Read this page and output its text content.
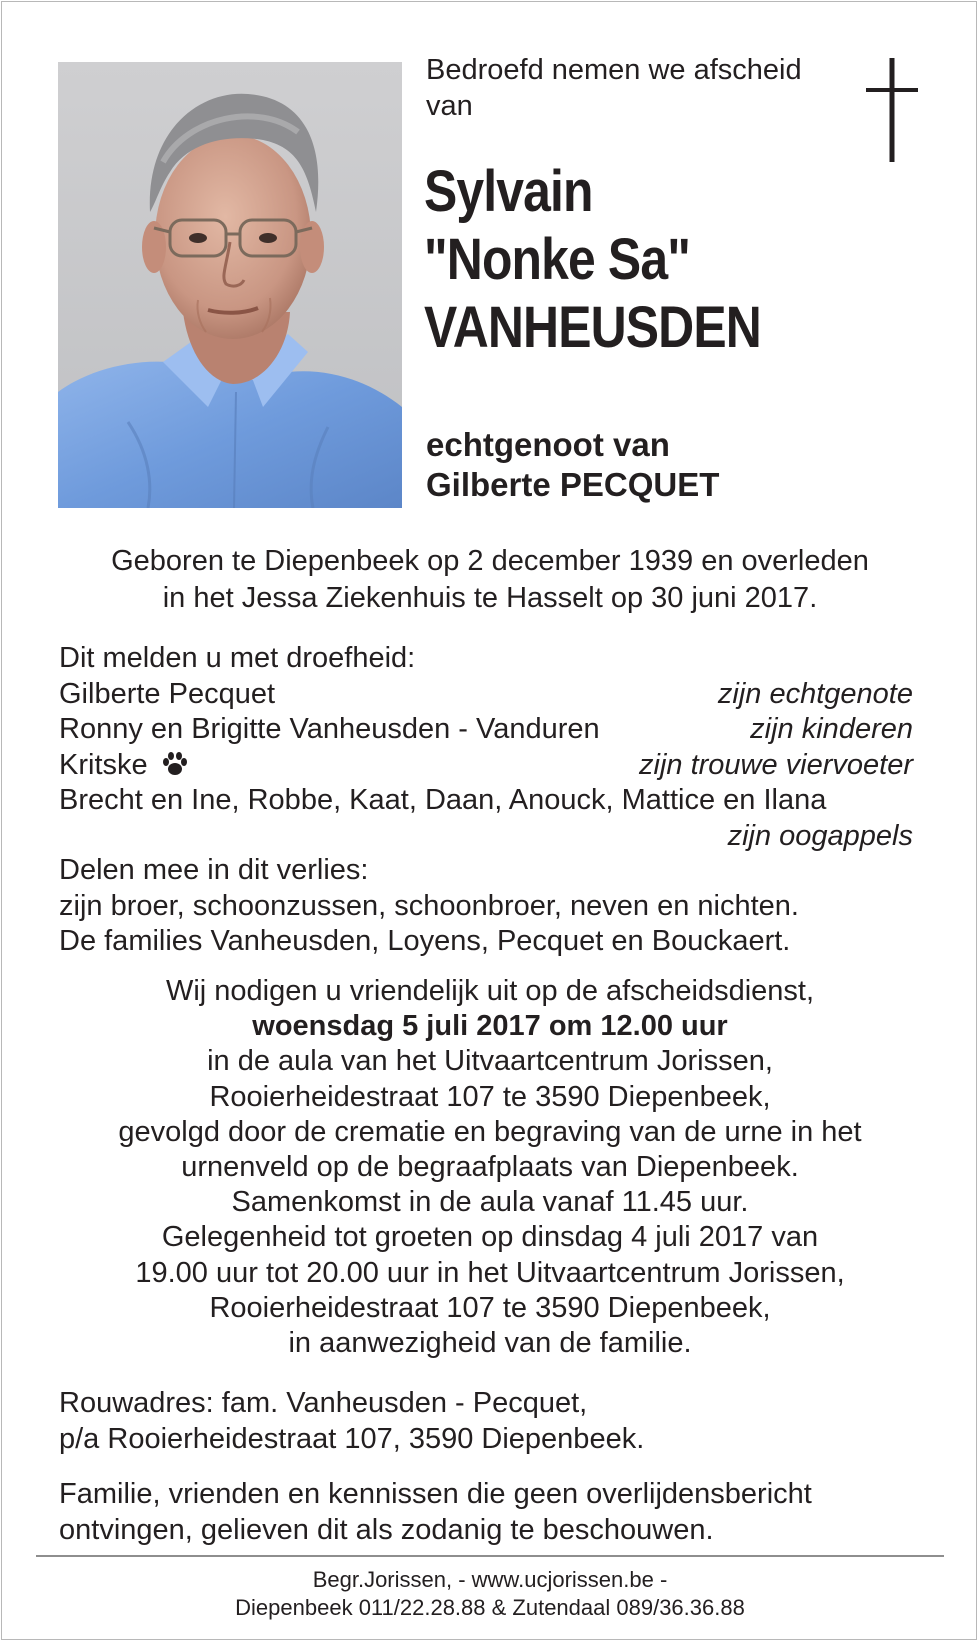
Bedroefd nemen we afscheid
van
Sylvain
"Nonke Sa"
VANHEUSDEN
echtgenoot van
Gilberte PECQUET
Geboren te Diepenbeek op 2 december 1939 en overleden
in het Jessa Ziekenhuis te Hasselt op 30 juni 2017.
Dit melden u met droefheid:
Gilberte Pecquet	zijn echtgenote
Ronny en Brigitte Vanheusden - Vanduren	zijn kinderen
Kritske	zijn trouwe viervoeter
Brecht en Ine, Robbe, Kaat, Daan, Anouck, Mattice en Ilana
zijn oogappels
Delen mee in dit verlies:
zijn broer, schoonzussen, schoonbroer, neven en nichten.
De families Vanheusden, Loyens, Pecquet en Bouckaert.
Wij nodigen u vriendelijk uit op de afscheidsdienst,
woensdag 5 juli 2017 om 12.00 uur
in de aula van het Uitvaartcentrum Jorissen,
Rooierheidestraat 107 te 3590 Diepenbeek,
gevolgd door de crematie en begraving van de urne in het
urnenveld op de begraafplaats van Diepenbeek.
Samenkomst in de aula vanaf 11.45 uur.
Gelegenheid tot groeten op dinsdag 4 juli 2017 van
19.00 uur tot 20.00 uur in het Uitvaartcentrum Jorissen,
Rooierheidestraat 107 te 3590 Diepenbeek,
in aanwezigheid van de familie.
Rouwadres: fam. Vanheusden - Pecquet,
p/a Rooierheidestraat 107, 3590 Diepenbeek.
Familie, vrienden en kennissen die geen overlijdensbericht
ontvingen, gelieven dit als zodanig te beschouwen.
Begr.Jorissen, - www.ucjorissen.be -
Diepenbeek 011/22.28.88 & Zutendaal 089/36.36.88
